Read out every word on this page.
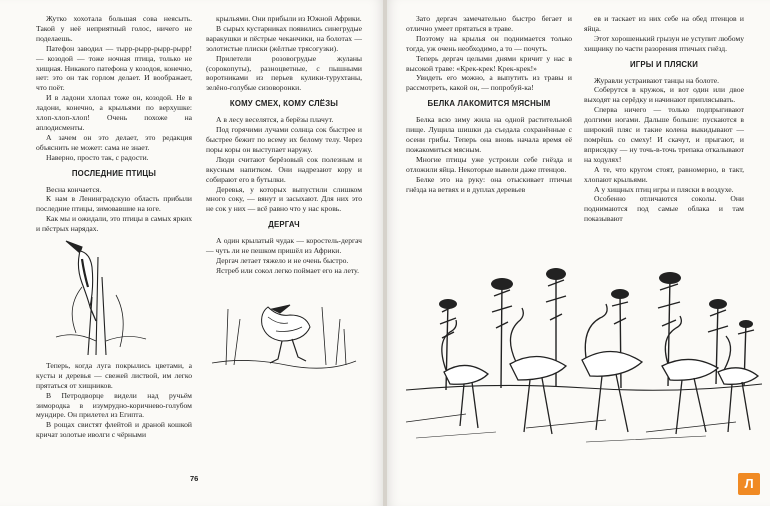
Жутко хохотала большая сова неясыть. Такой у неё неприятный голос, ничего не поделаешь.

Патефон заводил — тырр-рырр-рырр-рырр! — козодой — тоже ночная птица, только не хищная. Никакого патефона у козодоя, конечно, нет: это он так горлом делает. И воображает, что поёт.

И в ладони хлопал тоже он, козодой. Не в ладони, конечно, а крыльями по верхушке: хлоп-хлоп-хлоп! Очень похоже на аплодисменты.

А зачем он это делает, это редакция объяснить не может: сама не знает.

Наверно, просто так, с радости.

ПОСЛЕДНИЕ ПТИЦЫ

Весна кончается.

К нам в Ленинградскую область прибыли последние птицы, зимовавшие на юге.

Как мы и ожидали, это птицы в самых ярких и пёстрых нарядах.

Теперь, когда луга покрылись цветами, а кусты и деревья — свежей листвой, им легко прятаться от хищников.

В Петродворце видели над ручьём зимородка в изумрудно-коричнево-голубом мундире. Он прилетел из Египта.

В рощах свистят флейтой и драной кошкой кричат золотые иволги с чёрными

крыльями. Они прибыли из Южной Африки.

В сырых кустарниках появились синегрудые варакушки и пёстрые чеканчики, на болотах — золотистые плиски (жёлтые трясогузки).

Прилетели розовогрудые жуланы (сорокопуты), разноцветные, с пышными воротниками из перьев кулики-турухтаны, зелёно-голубые сизоворонки.

КОМУ СМЕХ, КОМУ СЛЁЗЫ

А в лесу веселятся, а берёзы плачут.

Под горячими лучами солнца сок быстрее и быстрее бежит по всему их белому телу. Через поры коры он выступает наружу.

Люди считают берёзовый сок полезным и вкусным напитком. Они надрезают кору и собирают его в бутылки.

Деревья, у которых выпустили слишком много соку, — вянут и засыхают. Для них это не сок у них — всё равно что у нас кровь.

ДЕРГАЧ

А один крылатый чудак — коростель-дергач — чуть ли не пешком пришёл из Африки.

Дергач летает тяжело и не очень быстро.

Ястреб или сокол легко поймает его на лету.

Зато дергач замечательно быстро бегает и отлично умеет прятаться в траве.

Поэтому на крылья он поднимается только тогда, уж очень необходимо, а то — почуть.

Теперь дергач целыми днями кричит у нас в высокой траве: «Крек-крек! Крек-крек!»

Увидеть его можно, а выпутить из травы и рассмотреть, какой он, — попробуй-ка!

БЕЛКА ЛАКОМИТСЯ МЯСНЫМ

Белка всю зиму жила на одной растительной пище. Лущила шишки да съедала сохранённые с осени грибы. Теперь она вновь начала время её пожакомиться мясным.

Многие птицы уже устроили себе гнёзда и отложили яйца. Некоторые вывели даже птенцов.

Белке это на руку: она отыскивает птичьи гнёзда на ветвях и в дуплах деревьев

ев и таскает из них себе на обед птенцов и яйца.

Этот хорошенький грызун не уступит любому хищнику по части разорения птичьих гнёзд.

ИГРЫ И ПЛЯСКИ

Журавли устраивают танцы на болоте.

Соберутся в кружок, и вот один или двое выходят на серёдку и начинают приплясывать.

Сперва ничего — только подпрыгивают долгими ногами. Дальше больше: пускаются в широкий пляс и такие колена выкидывают — помрёшь со смеху! И скачут, и прыгают, и вприсядку — ну точь-в-точь трепака откалывают на ходулях!

А те, что кругом стоят, равномерно, в такт, хлопают крыльями.

А у хищных птиц игры и пляски в воздухе.

Особенно отличаются соколы. Они поднимаются под самые облака и там показывают

76	Л
